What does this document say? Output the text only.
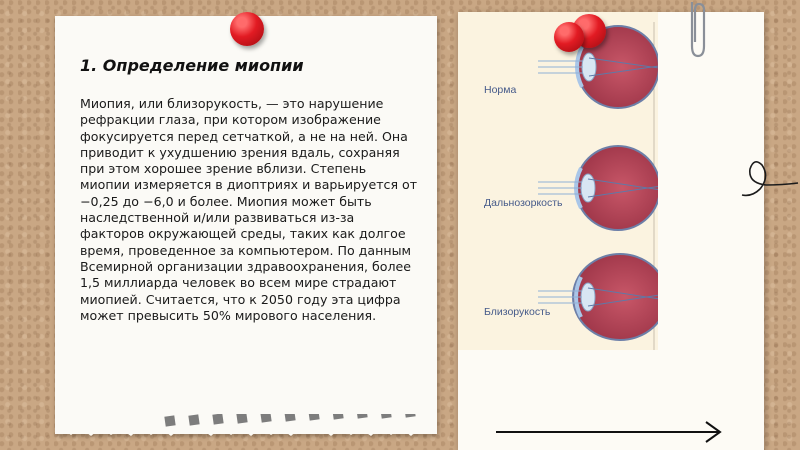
1. Определение миопии
Миопия, или близорукость, — это нарушение рефракции глаза, при котором изображение фокусируется перед сетчаткой, а не на ней. Она приводит к ухудшению зрения вдаль, сохраняя при этом хорошее зрение вблизи. Степень миопии измеряется в диоптриях и варьируется от −0,25 до −6,0 и более. Миопия может быть наследственной и/или развиваться из-за факторов окружающей среды, таких как долгое время, проведенное за компьютером. По данным Всемирной организации здравоохранения, более 1,5 миллиарда человек во всем мире страдают миопией. Считается, что к 2050 году эта цифра может превысить 50% мирового населения.
Норма
Дальнозоркость
Близорукость
